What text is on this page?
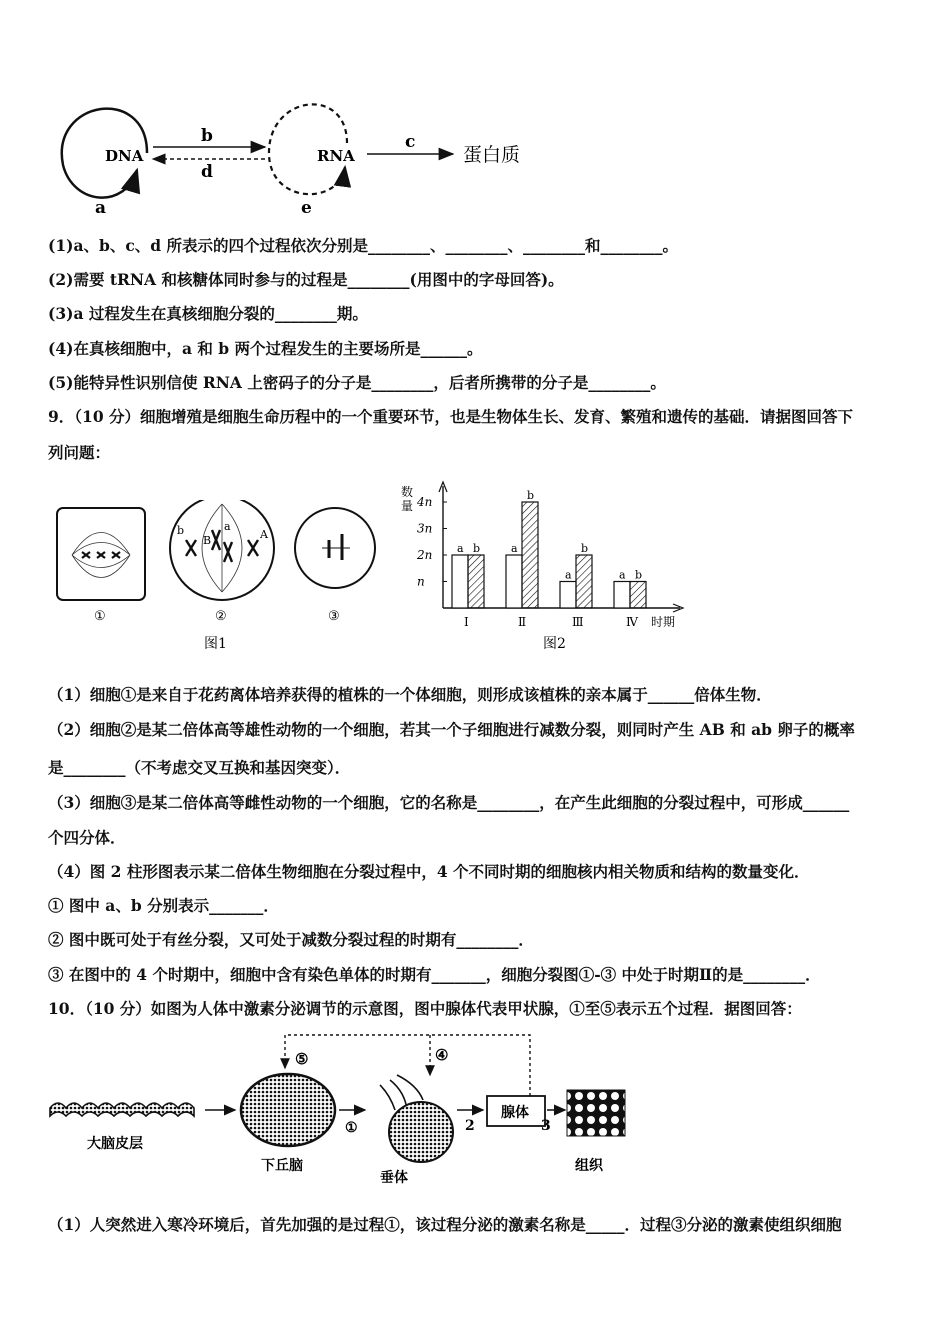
DNA
a
b
d
RNA
e
c
蛋白质
(1)a、b、c、d 所表示的四个过程依次分别是________、________、________和________。
(2)需要 tRNA 和核糖体同时参与的过程是________(用图中的字母回答)。
(3)a 过程发生在真核细胞分裂的________期。
(4)在真核细胞中，a 和 b 两个过程发生的主要场所是______。
(5)能特异性识别信使 RNA 上密码子的分子是________，后者所携带的分子是________。
9．（10 分）细胞增殖是细胞生命历程中的一个重要环节，也是生物体生长、发育、繁殖和遗传的基础．请据图回答下
列问题：
①
b
B
a
A
②	③
图1
数
量
n
2n
3n
4n
a b
Ⅰ
a
b
Ⅱ
a
b
Ⅲ
a b
Ⅳ 时期
图2
（1）细胞①是来自于花药离体培养获得的植株的一个体细胞，则形成该植株的亲本属于______倍体生物．
（2）细胞②是某二倍体高等雄性动物的一个细胞，若其一个子细胞进行减数分裂，则同时产生 AB 和 ab 卵子的概率
是________（不考虑交叉互换和基因突变）．
（3）细胞③是某二倍体高等雌性动物的一个细胞，它的名称是________，在产生此细胞的分裂过程中，可形成______
个四分体．
（4）图 2 柱形图表示某二倍体生物细胞在分裂过程中，4 个不同时期的细胞核内相关物质和结构的数量变化．
① 图中 a、b 分别表示_______．
② 图中既可处于有丝分裂，又可处于减数分裂过程的时期有________．
③ 在图中的 4 个时期中，细胞中含有染色单体的时期有_______，细胞分裂图①-③ 中处于时期Ⅱ的是________．
10．（10 分）如图为人体中激素分泌调节的示意图，图中腺体代表甲状腺，①至⑤表示五个过程．据图回答：
⑤	④
大脑皮层
下丘脑
①
垂体
2
腺体
3
组织
（1）人突然进入寒冷环境后，首先加强的是过程①，该过程分泌的激素名称是_____．过程③分泌的激素使组织细胞
